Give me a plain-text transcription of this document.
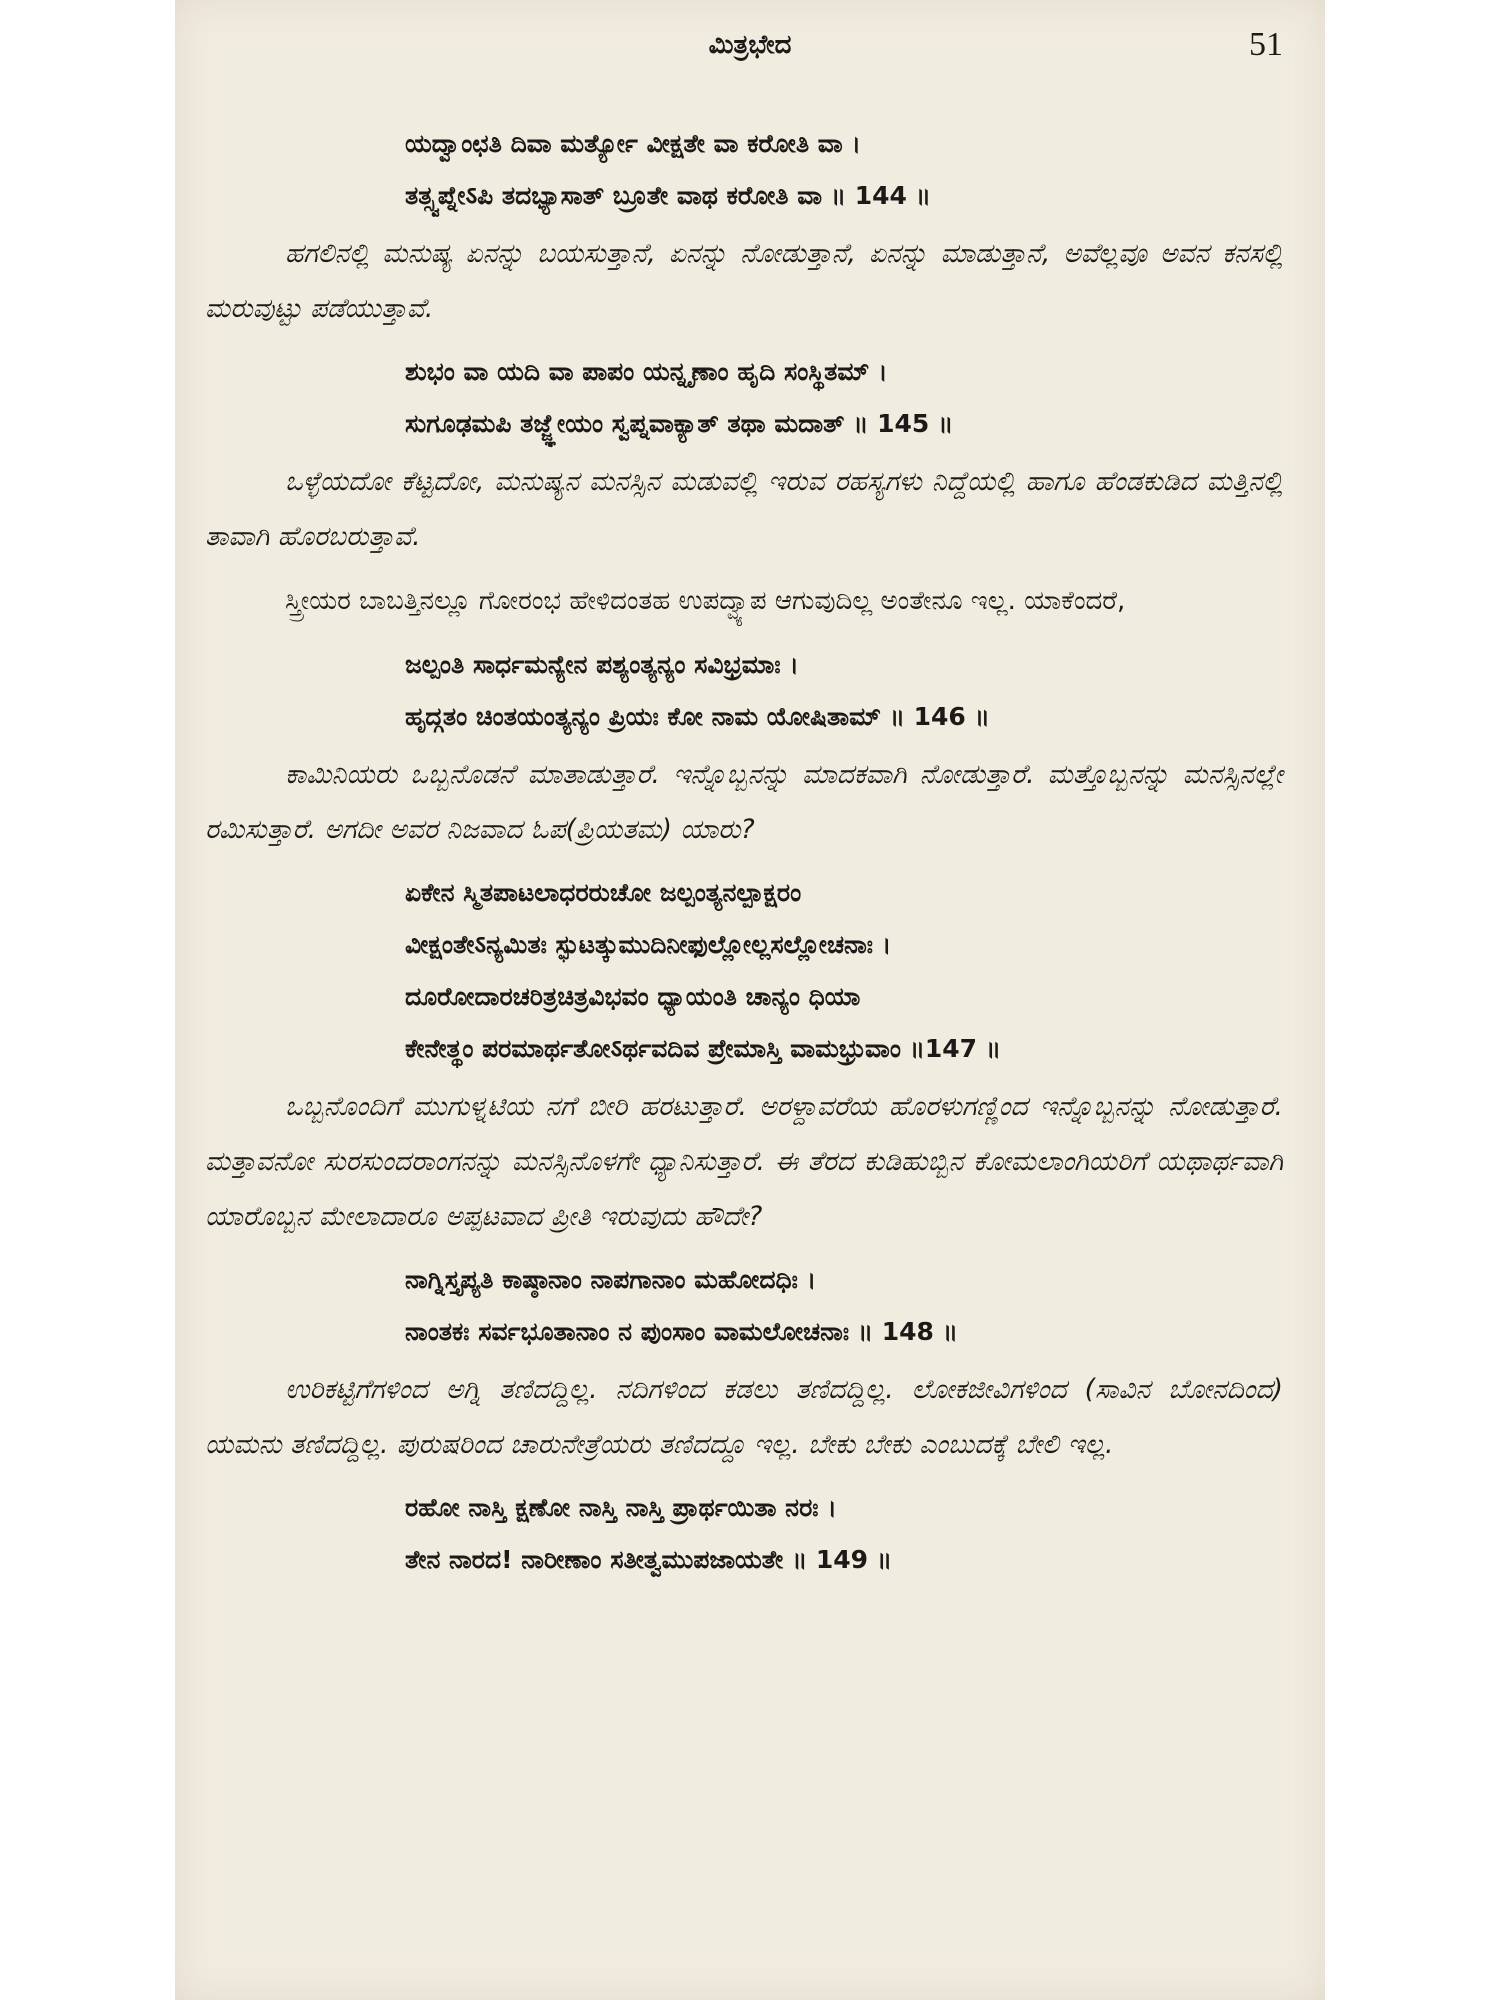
ಮಿತ್ರಭೇದ	51
ಯದ್ವಾಂಛತಿ ದಿವಾ ಮರ್ತ್ಯೋ ವೀಕ್ಷತೇ ವಾ ಕರೋತಿ ವಾ ।
ತತ್ಸ್ವಪ್ನೇऽಪಿ ತದಭ್ಯಾಸಾತ್ ಬ್ರೂತೇ ವಾಥ ಕರೋತಿ ವಾ ॥ 144 ॥

ಹಗಲಿನಲ್ಲಿ ಮನುಷ್ಯ ಏನನ್ನು ಬಯಸುತ್ತಾನೆ, ಏನನ್ನು ನೋಡುತ್ತಾನೆ, ಏನನ್ನು ಮಾಡುತ್ತಾನೆ, ಅವೆಲ್ಲವೂ ಅವನ ಕನಸಲ್ಲಿ ಮರುವುಟ್ಟು ಪಡೆಯುತ್ತಾವೆ.

ಶುಭಂ ವಾ ಯದಿ ವಾ ಪಾಪಂ ಯನ್ನೃಣಾಂ ಹೃದಿ ಸಂಸ್ಥಿತಮ್ ।
ಸುಗೂಢಮಪಿ ತಜ್ಜ್ಞೇಯಂ ಸ್ವಪ್ನವಾಕ್ಯಾತ್ ತಥಾ ಮದಾತ್ ॥ 145 ॥

ಒಳ್ಳೆಯದೋ ಕೆಟ್ಟದೋ, ಮನುಷ್ಯನ ಮನಸ್ಸಿನ ಮಡುವಲ್ಲಿ ಇರುವ ರಹಸ್ಯಗಳು ನಿದ್ದೆಯಲ್ಲಿ ಹಾಗೂ ಹೆಂಡಕುಡಿದ ಮತ್ತಿನಲ್ಲಿ ತಾವಾಗಿ ಹೊರಬರುತ್ತಾವೆ.

ಸ್ತ್ರೀಯರ ಬಾಬತ್ತಿನಲ್ಲೂ ಗೋರಂಭ ಹೇಳಿದಂತಹ ಉಪದ್ವ್ಯಾಪ ಆಗುವುದಿಲ್ಲ ಅಂತೇನೂ ಇಲ್ಲ. ಯಾಕೆಂದರೆ,

ಜಲ್ಪಂತಿ ಸಾರ್ಧಮನ್ಯೇನ ಪಶ್ಯಂತ್ಯನ್ಯಂ ಸವಿಭ್ರಮಾಃ ।
ಹೃದ್ಗತಂ ಚಿಂತಯಂತ್ಯನ್ಯಂ ಪ್ರಿಯಃ ಕೋ ನಾಮ ಯೋಷಿತಾಮ್ ॥ 146 ॥

ಕಾಮಿನಿಯರು ಒಬ್ಬನೊಡನೆ ಮಾತಾಡುತ್ತಾರೆ. ಇನ್ನೊಬ್ಬನನ್ನು ಮಾದಕವಾಗಿ ನೋಡುತ್ತಾರೆ. ಮತ್ತೊಬ್ಬನನ್ನು ಮನಸ್ಸಿನಲ್ಲೇ ರಮಿಸುತ್ತಾರೆ. ಅಗದೀ ಅವರ ನಿಜವಾದ ಓಪ(ಪ್ರಿಯತಮ) ಯಾರು?

ಏಕೇನ ಸ್ಮಿತಪಾಟಲಾಧರರುಚೋ ಜಲ್ಪಂತ್ಯನಲ್ಪಾಕ್ಷರಂ
ವೀಕ್ಷಂತೇऽನ್ಯಮಿತಃ ಸ್ಫುಟತ್ಕುಮುದಿನೀಫುಲ್ಲೋಲ್ಲಸಲ್ಲೋಚನಾಃ ।
ದೂರೋದಾರಚರಿತ್ರಚಿತ್ರವಿಭವಂ ಧ್ಯಾಯಂತಿ ಚಾನ್ಯಂ ಧಿಯಾ
ಕೇನೇತ್ಥಂ ಪರಮಾರ್ಥತೋऽರ್ಥವದಿವ ಪ್ರೇಮಾಸ್ತಿ ವಾಮಭ್ರುವಾಂ ॥147 ॥

ಒಬ್ಬನೊಂದಿಗೆ ಮುಗುಳ್ನಟಿಯ ನಗೆ ಬೀರಿ ಹರಟುತ್ತಾರೆ. ಅರಳ್ದಾವರೆಯ ಹೊರಳುಗಣ್ಣಿಂದ ಇನ್ನೊಬ್ಬನನ್ನು ನೋಡುತ್ತಾರೆ. ಮತ್ತಾವನೋ ಸುರಸುಂದರಾಂಗನನ್ನು ಮನಸ್ಸಿನೊಳಗೇ ಧ್ಯಾನಿಸುತ್ತಾರೆ. ಈ ತೆರದ ಕುಡಿಹುಬ್ಬಿನ ಕೋಮಲಾಂಗಿಯರಿಗೆ ಯಥಾರ್ಥವಾಗಿ ಯಾರೊಬ್ಬನ ಮೇಲಾದಾರೂ ಅಪ್ಪಟವಾದ ಪ್ರೀತಿ ಇರುವುದು ಹೌದೇ?

ನಾಗ್ನಿಸ್ತೃಪ್ಯತಿ ಕಾಷ್ಠಾನಾಂ ನಾಪಗಾನಾಂ ಮಹೋದಧಿಃ ।
ನಾಂತಕಃ ಸರ್ವಭೂತಾನಾಂ ನ ಪುಂಸಾಂ ವಾಮಲೋಚನಾಃ ॥ 148 ॥

ಉರಿಕಟ್ಟಿಗೆಗಳಿಂದ ಅಗ್ನಿ ತಣಿದದ್ದಿಲ್ಲ. ನದಿಗಳಿಂದ ಕಡಲು ತಣಿದದ್ದಿಲ್ಲ. ಲೋಕಜೀವಿಗಳಿಂದ (ಸಾವಿನ ಬೋನದಿಂದ) ಯಮನು ತಣಿದದ್ದಿಲ್ಲ. ಪುರುಷರಿಂದ ಚಾರುನೇತ್ರೆಯರು ತಣಿದದ್ದೂ ಇಲ್ಲ. ಬೇಕು ಬೇಕು ಎಂಬುದಕ್ಕೆ ಬೇಲಿ ಇಲ್ಲ.

ರಹೋ ನಾಸ್ತಿ ಕ್ಷಣೋ ನಾಸ್ತಿ ನಾಸ್ತಿ ಪ್ರಾರ್ಥಯಿತಾ ನರಃ ।
ತೇನ ನಾರದ! ನಾರೀಣಾಂ ಸತೀತ್ವಮುಪಜಾಯತೇ ॥ 149 ॥
